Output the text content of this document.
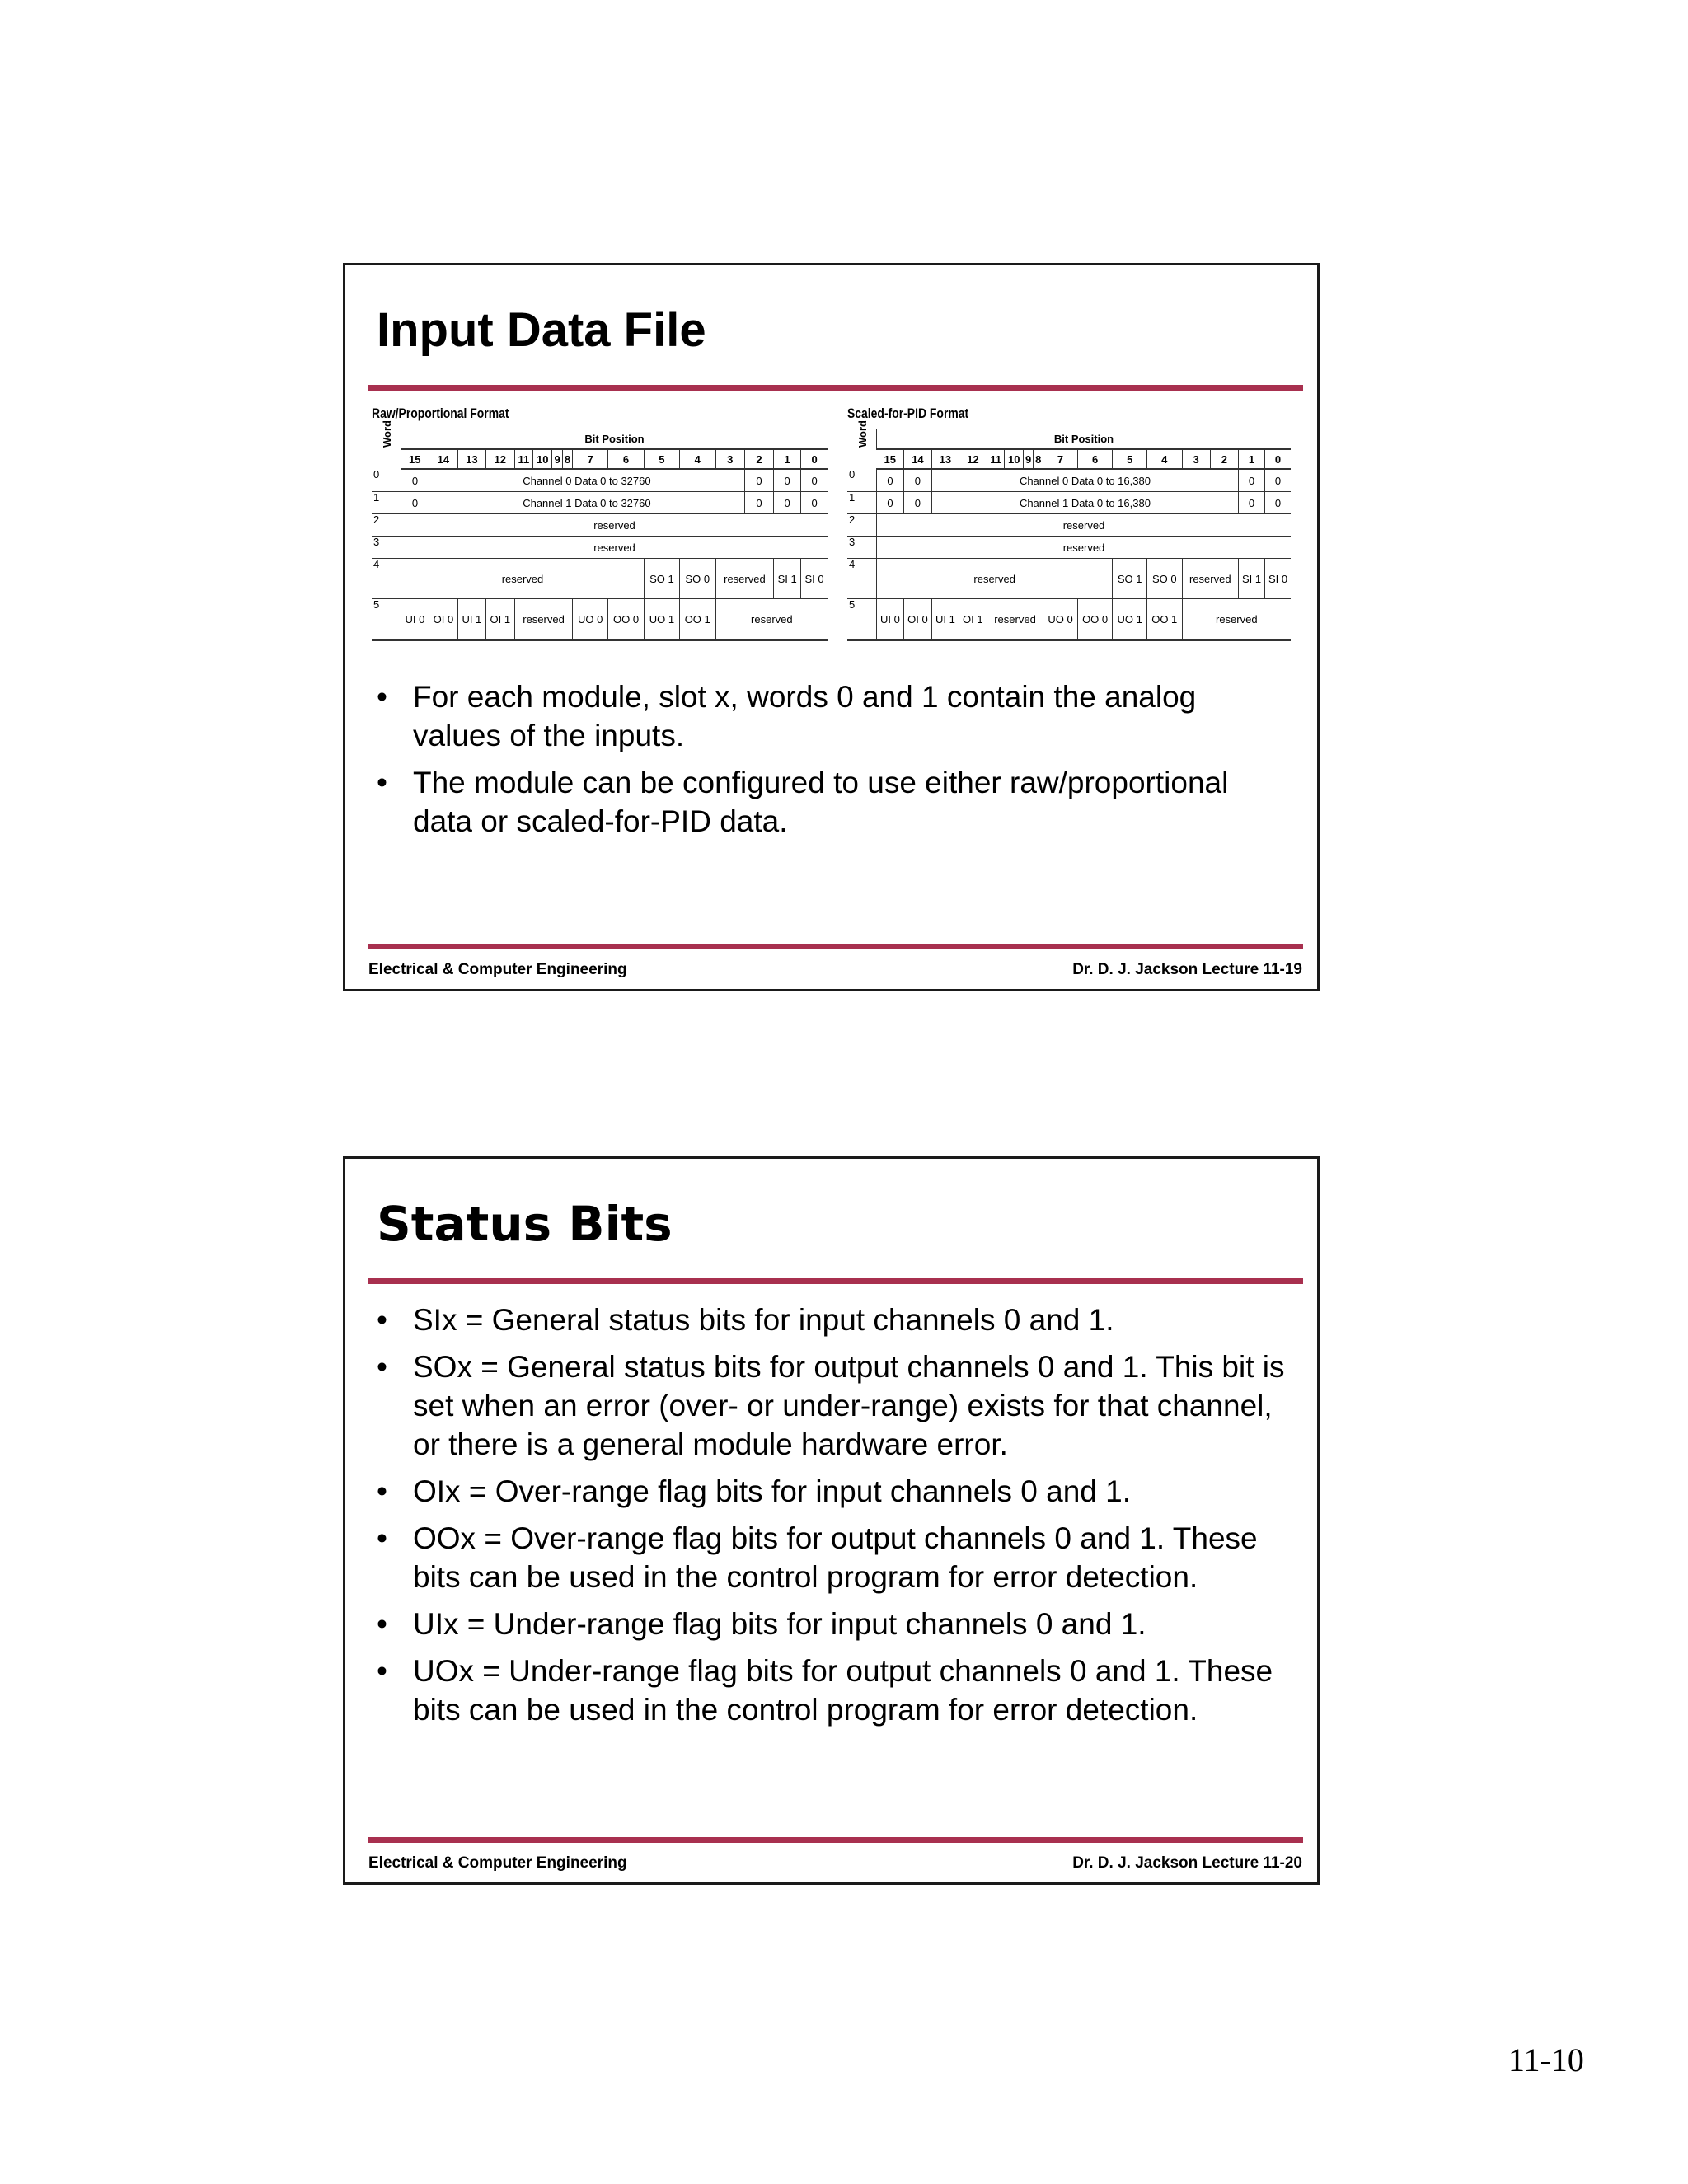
Input Data File
Raw/Proportional Format
Word	Bit Position															
	15	14	13	12	11	10	9	8	7	6	5	4	3	2	1	0
0	0	Channel 0 Data 0 to 32760												0	0	0
1	0	Channel 1 Data 0 to 32760												0	0	0
2	reserved															
3	reserved															
4	reserved										SO 1	SO 0	reserved		SI 1	SI 0
5	UI 0	OI 0	UI 1	OI 1	reserved				UO 0	OO 0	UO 1	OO 1	reserved			
Scaled-for-PID Format
Word	Bit Position															
	15	14	13	12	11	10	9	8	7	6	5	4	3	2	1	0
0	0	0	Channel 0 Data 0 to 16,380												0	0
1	0	0	Channel 1 Data 0 to 16,380												0	0
2	reserved															
3	reserved															
4	reserved										SO 1	SO 0	reserved		SI 1	SI 0
5	UI 0	OI 0	UI 1	OI 1	reserved				UO 0	OO 0	UO 1	OO 1	reserved			
• For each module, slot x, words 0 and 1 contain the analog values of the inputs.
• The module can be configured to use either raw/proportional data or scaled-for-PID data.
Electrical & Computer Engineering	Dr. D. J. Jackson Lecture 11-19
Status Bits
• SIx = General status bits for input channels 0 and 1.
• SOx = General status bits for output channels 0 and 1. This bit is set when an error (over- or under-range) exists for that channel, or there is a general module hardware error.
• OIx = Over-range flag bits for input channels 0 and 1.
• OOx = Over-range flag bits for output channels 0 and 1. These bits can be used in the control program for error detection.
• UIx = Under-range flag bits for input channels 0 and 1.
• UOx = Under-range flag bits for output channels 0 and 1. These bits can be used in the control program for error detection.
Electrical & Computer Engineering	Dr. D. J. Jackson Lecture 11-20
11-10
